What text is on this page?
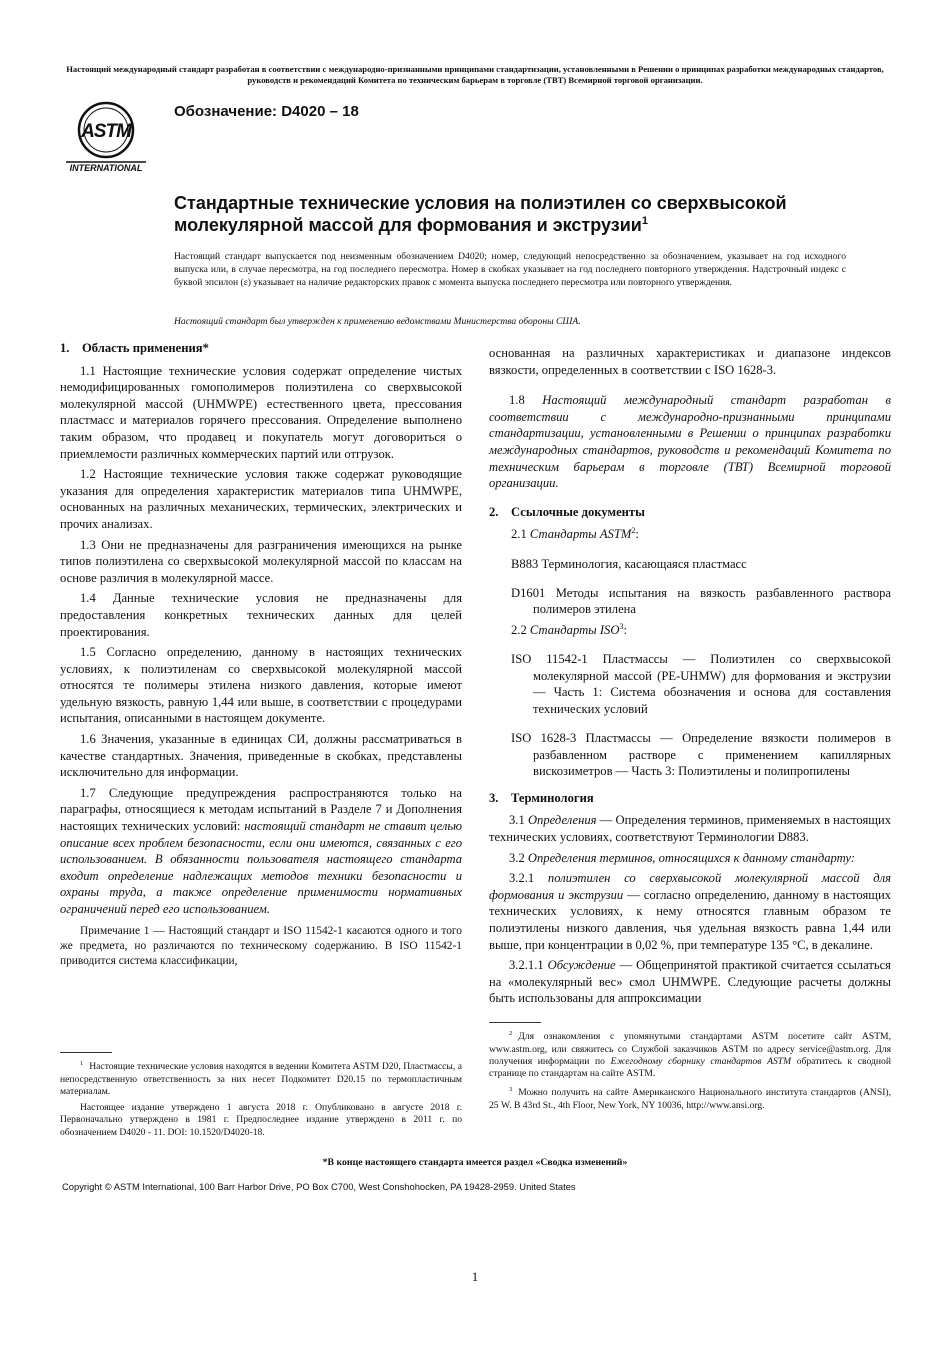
Настоящий международный стандарт разработан в соответствии с международно-признанными принципами стандартизации, установленными в Решении о принципах разработки международных стандартов, руководств и рекомендаций Комитета по техническим барьерам в торговле (ТВТ) Всемирной торговой организации.
ASTM
INTERNATIONAL
Обозначение: D4020 – 18
Стандартные технические условия на полиэтилен со сверхвысокой молекулярной массой для формования и экструзии$^1$
Настоящий стандарт выпускается под неизменным обозначением D4020; номер, следующий непосредственно за обозначением, указывает на год исходного выпуска или, в случае пересмотра, на год последнего пересмотра. Номер в скобках указывает на год последнего повторного утверждения. Надстрочный индекс с буквой эпсилон (ε) указывает на наличие редакторских правок с момента выпуска последнего пересмотра или повторного утверждения.
Настоящий стандарт был утвержден к применению ведомствами Министерства обороны США.
1. Область применения*

1.1 Настоящие технические условия содержат определение чистых немодифицированных гомополимеров полиэтилена со сверхвысокой молекулярной массой (UHMWPE) естественного цвета, прессования пластмасс и материалов горячего прессования. Определение выполнено таким образом, что продавец и покупатель могут договориться о приемлемости различных коммерческих партий или отгрузок.

1.2 Настоящие технические условия также содержат руководящие указания для определения характеристик материалов типа UHMWPE, основанных на различных механических, термических, электрических и прочих анализах.

1.3 Они не предназначены для разграничения имеющихся на рынке типов полиэтилена со сверхвысокой молекулярной массой по классам на основе различия в молекулярной массе.

1.4 Данные технические условия не предназначены для предоставления конкретных технических данных для целей проектирования.

1.5 Согласно определению, данному в настоящих технических условиях, к полиэтиленам со сверхвысокой молекулярной массой относятся те полимеры этилена низкого давления, которые имеют удельную вязкость, равную 1,44 или выше, в соответствии с процедурами испытания, описанными в настоящем документе.

1.6 Значения, указанные в единицах СИ, должны рассматриваться в качестве стандартных. Значения, приведенные в скобках, представлены исключительно для информации.

1.7 Следующие предупреждения распространяются только на параграфы, относящиеся к методам испытаний в Разделе 7 и Дополнения настоящих технических условий: настоящий стандарт не ставит целью описание всех проблем безопасности, если они имеются, связанных с его использованием. В обязанности пользователя настоящего стандарта входит определение надлежащих методов техники безопасности и охраны труда, а также определение применимости нормативных ограничений перед его использованием.

Примечание 1 — Настоящий стандарт и ISO 11542-1 касаются одного и того же предмета, но различаются по техническому содержанию. В ISO 11542-1 приводится система классификации,

$^1$ Настоящие технические условия находятся в ведении Комитета ASTM D20, Пластмассы, а непосредственную ответственность за них несет Подкомитет D20.15 по термопластичным материалам.
Настоящее издание утверждено 1 августа 2018 г. Опубликовано в августе 2018 г. Первоначально утверждено в 1981 г. Предпоследнее издание утверждено в 2011 г. по обозначением D4020 - 11. DOI: 10.1520/D4020-18.

основанная на различных характеристиках и диапазоне индексов вязкости, определенных в соответствии с ISO 1628-3.

1.8 Настоящий международный стандарт разработан в соответствии с международно-признанными принципами стандартизации, установленными в Решении о принципах разработки международных стандартов, руководств и рекомендаций Комитета по техническим барьерам в торговле (ТВТ) Всемирной торговой организации.

2. Ссылочные документы

2.1 Стандарты ASTM$^2$:

B883 Терминология, касающаяся пластмасс

D1601 Методы испытания на вязкость разбавленного раствора полимеров этилена

2.2 Стандарты ISO$^3$:

ISO 11542-1 Пластмассы — Полиэтилен со сверхвысокой молекулярной массой (PE-UHMW) для формования и экструзии — Часть 1: Система обозначения и основа для составления технических условий

ISO 1628-3 Пластмассы — Определение вязкости полимеров в разбавленном растворе с применением капиллярных вискозиметров — Часть 3: Полиэтилены и полипропилены

3. Терминология

3.1 Определения — Определения терминов, применяемых в настоящих технических условиях, соответствуют Терминологии D883.

3.2 Определения терминов, относящихся к данному стандарту:

3.2.1 полиэтилен со сверхвысокой молекулярной массой для формования и экструзии — согласно определению, данному в настоящих технических условиях, к нему относятся главным образом те полиэтилены низкого давления, чья удельная вязкость равна 1,44 или выше, при концентрации в 0,02 %, при температуре 135 °C, в декалине.

3.2.1.1 Обсуждение — Общепринятой практикой считается ссылаться на «молекулярный вес» смол UHMWPE. Следующие расчеты должны быть использованы для аппроксимации

$^2$ Для ознакомления с упомянутыми стандартами ASTM посетите сайт ASTM, www.astm.org, или свяжитесь со Службой заказчиков ASTM по адресу service@astm.org. Для получения информации по Ежегодному сборнику стандартов ASTM обратитесь к сводной странице по стандартам на сайте ASTM.
$^3$ Можно получить на сайте Американского Национального института стандартов (ANSI), 25 W. В 43rd St., 4th Floor, New York, NY 10036, http://www.ansi.org.
*В конце настоящего стандарта имеется раздел «Сводка изменений»
Copyright © ASTM International, 100 Barr Harbor Drive, PO Box C700, West Conshohocken, PA 19428-2959. United States
1
